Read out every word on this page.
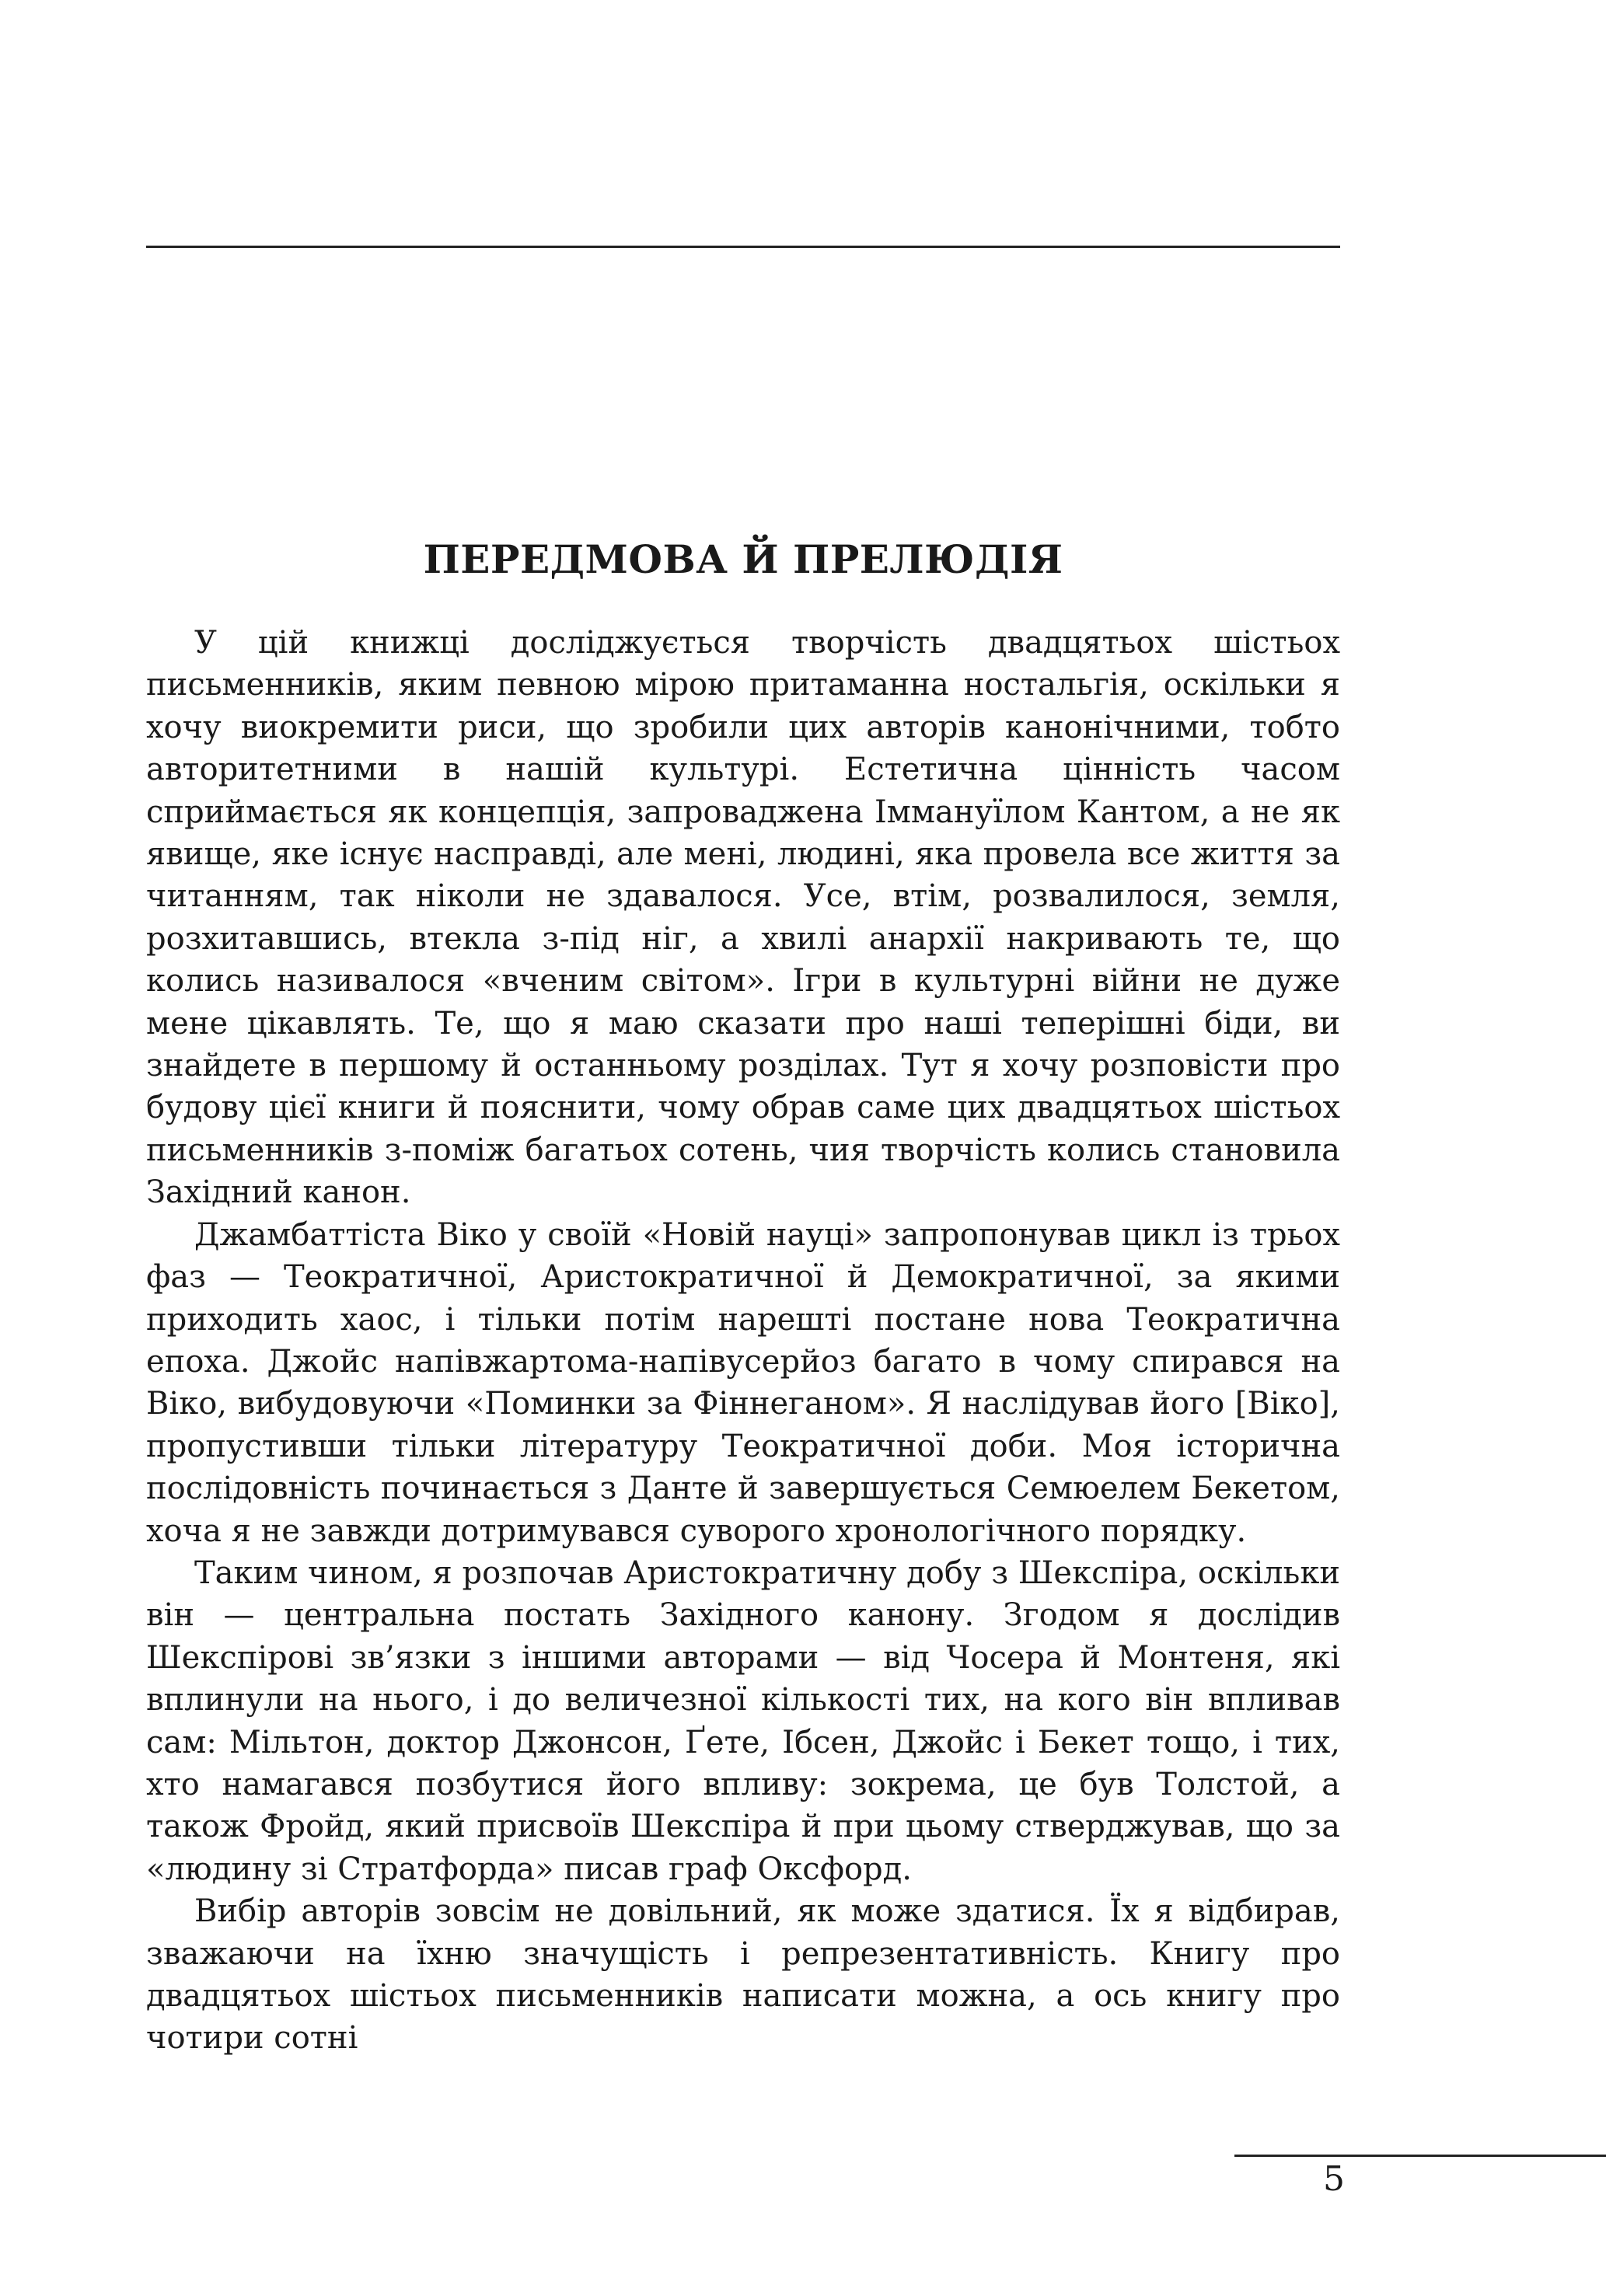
ПЕРЕДМОВА Й ПРЕЛЮДІЯ

У цій книжці досліджується творчість двадцятьох шістьох письменників, яким певною мірою притаманна ностальгія, оскільки я хочу виокремити риси, що зробили цих авторів канонічними, тобто авторитетними в нашій культурі. Естетична цінність часом сприймається як концепція, запроваджена Іммануїлом Кантом, а не як явище, яке існує насправді, але мені, людині, яка провела все життя за читанням, так ніколи не здавалося. Усе, втім, розвалилося, земля, розхитавшись, втекла з-під ніг, а хвилі анархії накривають те, що колись називалося «вченим світом». Ігри в культурні війни не дуже мене цікавлять. Те, що я маю сказати про наші теперішні біди, ви знайдете в першому й останньому розділах. Тут я хочу розповісти про будову цієї книги й пояснити, чому обрав саме цих двадцятьох шістьох письменників з-поміж багатьох сотень, чия творчість колись становила Західний канон.

Джамбаттіста Віко у своїй «Новій науці» запропонував цикл із трьох фаз — Теократичної, Аристократичної й Демократичної, за якими приходить хаос, і тільки потім нарешті постане нова Теократична епоха. Джойс напівжартома-напівусерйоз багато в чому спирався на Віко, вибудовуючи «Поминки за Фіннеганом». Я наслідував його [Віко], пропустивши тільки літературу Теократичної доби. Моя історична послідовність починається з Данте й завершується Семюелем Бекетом, хоча я не завжди дотримувався суворого хронологічного порядку.

Таким чином, я розпочав Аристократичну добу з Шекспіра, оскільки він — центральна постать Західного канону. Згодом я дослідив Шекспірові зв’язки з іншими авторами — від Чосера й Монтеня, які вплинули на нього, і до величезної кількості тих, на кого він впливав сам: Мільтон, доктор Джонсон, Ґете, Ібсен, Джойс і Бекет тощо, і тих, хто намагався позбутися його впливу: зокрема, це був Толстой, а також Фройд, який присвоїв Шекспіра й при цьому стверджував, що за «людину зі Стратфорда» писав граф Оксфорд.

Вибір авторів зовсім не довільний, як може здатися. Їх я відбирав, зважаючи на їхню значущість і репрезентативність. Книгу про двадцятьох шістьох письменників написати можна, а ось книгу про чотири сотні

5
